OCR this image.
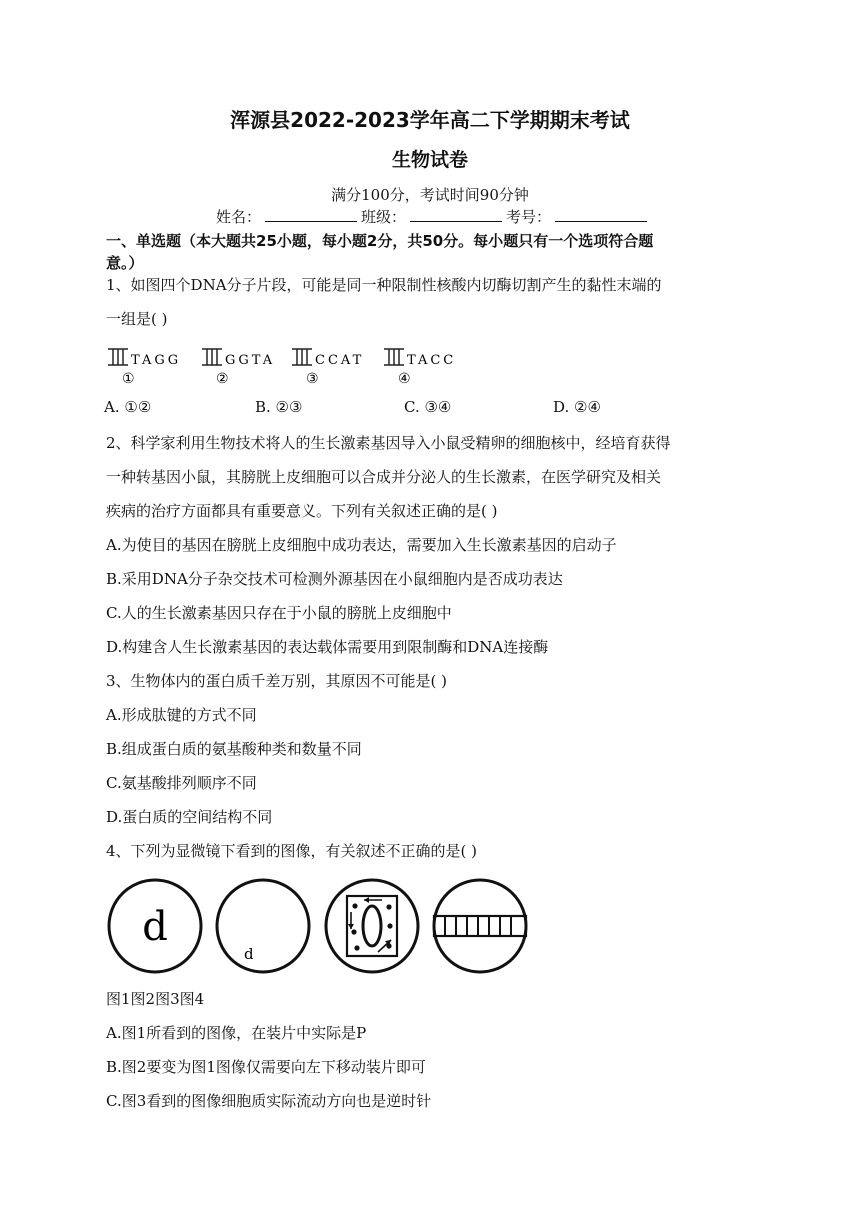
浑源县2022-2023学年高二下学期期末考试
生物试卷
满分100分，考试时间90分钟
姓名：	班级：	考号：
一、单选题（本大题共25小题，每小题2分，共50分。每小题只有一个选项符合题
意。）
1、如图四个DNA分子片段，可能是同一种限制性核酸内切酶切割产生的黏性末端的
一组是( )
TAGG
①
GGTA
②
CCAT
③
TACC
④
A. ①②	B. ②③	C. ③④	D. ②④
2、科学家利用生物技术将人的生长激素基因导入小鼠受精卵的细胞核中，经培育获得
一种转基因小鼠，其膀胱上皮细胞可以合成并分泌人的生长激素，在医学研究及相关
疾病的治疗方面都具有重要意义。下列有关叙述正确的是( )
A.为使目的基因在膀胱上皮细胞中成功表达，需要加入生长激素基因的启动子
B.采用DNA分子杂交技术可检测外源基因在小鼠细胞内是否成功表达
C.人的生长激素基因只存在于小鼠的膀胱上皮细胞中
D.构建含人生长激素基因的表达载体需要用到限制酶和DNA连接酶
3、生物体内的蛋白质千差万别，其原因不可能是( )
A.形成肽键的方式不同
B.组成蛋白质的氨基酸种类和数量不同
C.氨基酸排列顺序不同
D.蛋白质的空间结构不同
4、下列为显微镜下看到的图像，有关叙述不正确的是( )
d
d
图1图2图3图4
A.图1所看到的图像，在装片中实际是P
B.图2要变为图1图像仅需要向左下移动装片即可
C.图3看到的图像细胞质实际流动方向也是逆时针
